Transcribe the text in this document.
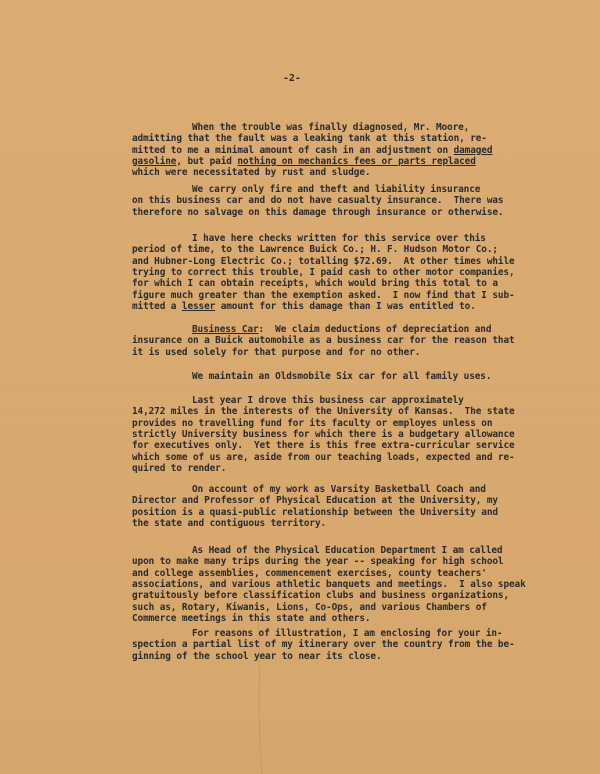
-2-
When the trouble was finally diagnosed, Mr. Moore,
admitting that the fault was a leaking tank at this station, re-
mitted to me a minimal amount of cash in an adjustment on damaged
gasoline, but paid nothing on mechanics fees or parts replaced
which were necessitated by rust and sludge.
We carry only fire and theft and liability insurance
on this business car and do not have casualty insurance.  There was
therefore no salvage on this damage through insurance or otherwise.
I have here checks written for this service over this
period of time, to the Lawrence Buick Co.; H. F. Hudson Motor Co.;
and Hubner-Long Electric Co.; totalling $72.69.  At other times while
trying to correct this trouble, I paid cash to other motor companies,
for which I can obtain receipts, which would bring this total to a
figure much greater than the exemption asked.  I now find that I sub-
mitted a lesser amount for this damage than I was entitled to.
Business Car:  We claim deductions of depreciation and
insurance on a Buick automobile as a business car for the reason that
it is used solely for that purpose and for no other.
We maintain an Oldsmobile Six car for all family uses.
Last year I drove this business car approximately
14,272 miles in the interests of the University of Kansas.  The state
provides no travelling fund for its faculty or employes unless on
strictly University business for which there is a budgetary allowance
for executives only.  Yet there is this free extra-curricular service
which some of us are, aside from our teaching loads, expected and re-
quired to render.
On account of my work as Varsity Basketball Coach and
Director and Professor of Physical Education at the University, my
position is a quasi-public relationship between the University and
the state and contiguous territory.
As Head of the Physical Education Department I am called
upon to make many trips during the year -- speaking for high school
and college assemblies, commencement exercises, county teachers'
associations, and various athletic banquets and meetings.  I also speak
gratuitously before classification clubs and business organizations,
such as, Rotary, Kiwanis, Lions, Co-Ops, and various Chambers of
Commerce meetings in this state and others.
For reasons of illustration, I am enclosing for your in-
spection a partial list of my itinerary over the country from the be-
ginning of the school year to near its close.
